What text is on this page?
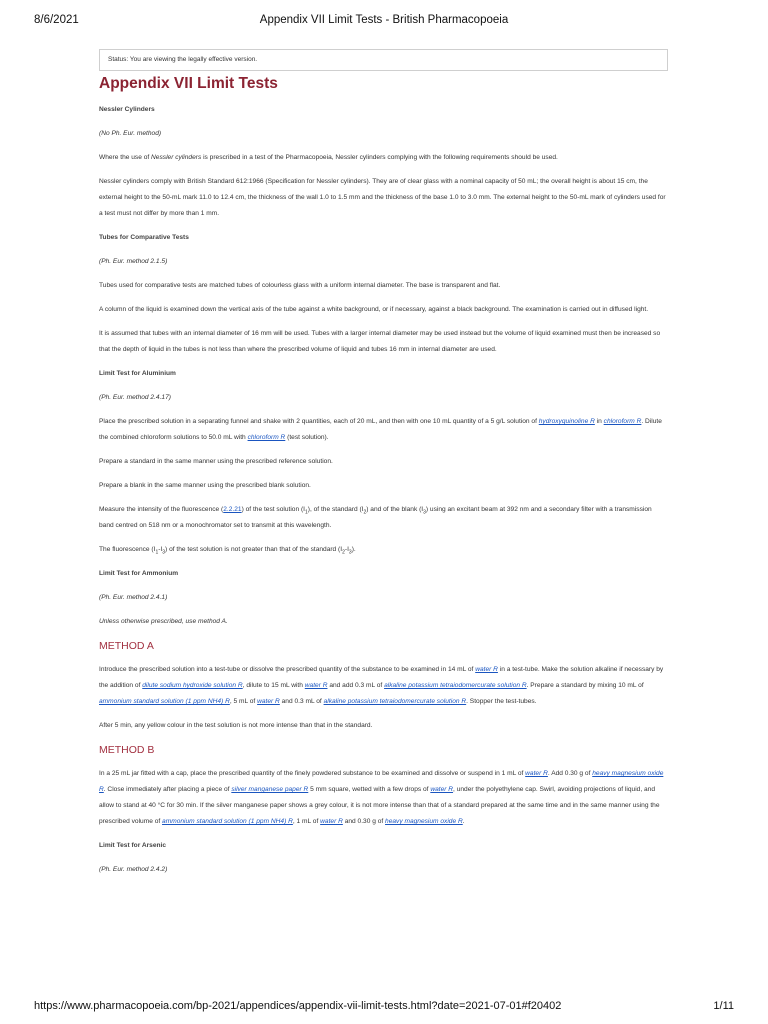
8/6/2021	Appendix VII Limit Tests - British Pharmacopoeia
Status: You are viewing the legally effective version.
Appendix VII Limit Tests

Nessler Cylinders

(No Ph. Eur. method)

Where the use of Nessler cylinders is prescribed in a test of the Pharmacopoeia, Nessler cylinders complying with the following requirements should be used.

Nessler cylinders comply with British Standard 612:1966 (Specification for Nessler cylinders). They are of clear glass with a nominal capacity of 50 mL; the overall height is about 15 cm, the external height to the 50-mL mark 11.0 to 12.4 cm, the thickness of the wall 1.0 to 1.5 mm and the thickness of the base 1.0 to 3.0 mm. The external height to the 50-mL mark of cylinders used for a test must not differ by more than 1 mm.

Tubes for Comparative Tests

(Ph. Eur. method 2.1.5)

Tubes used for comparative tests are matched tubes of colourless glass with a uniform internal diameter. The base is transparent and flat.

A column of the liquid is examined down the vertical axis of the tube against a white background, or if necessary, against a black background. The examination is carried out in diffused light.

It is assumed that tubes with an internal diameter of 16 mm will be used. Tubes with a larger internal diameter may be used instead but the volume of liquid examined must then be increased so that the depth of liquid in the tubes is not less than where the prescribed volume of liquid and tubes 16 mm in internal diameter are used.

Limit Test for Aluminium

(Ph. Eur. method 2.4.17)

Place the prescribed solution in a separating funnel and shake with 2 quantities, each of 20 mL, and then with one 10 mL quantity of a 5 g/L solution of hydroxyquinoline R in chloroform R. Dilute the combined chloroform solutions to 50.0 mL with chloroform R (test solution).

Prepare a standard in the same manner using the prescribed reference solution.

Prepare a blank in the same manner using the prescribed blank solution.

Measure the intensity of the fluorescence (2.2.21) of the test solution $(I_1)$, of the standard $(I_2)$ and of the blank $(I_3)$ using an excitant beam at 392 nm and a secondary filter with a transmission band centred on 518 nm or a monochromator set to transmit at this wavelength.

The fluorescence $(I_1-I_3)$ of the test solution is not greater than that of the standard $(I_2-I_3)$.

Limit Test for Ammonium

(Ph. Eur. method 2.4.1)

Unless otherwise prescribed, use method A.

METHOD A

Introduce the prescribed solution into a test-tube or dissolve the prescribed quantity of the substance to be examined in 14 mL of water R in a test-tube. Make the solution alkaline if necessary by the addition of dilute sodium hydroxide solution R, dilute to 15 mL with water R and add 0.3 mL of alkaline potassium tetraiodomercurate solution R. Prepare a standard by mixing 10 mL of ammonium standard solution (1 ppm NH4) R, 5 mL of water R and 0.3 mL of alkaline potassium tetraiodomercurate solution R. Stopper the test-tubes.

After 5 min, any yellow colour in the test solution is not more intense than that in the standard.

METHOD B

In a 25 mL jar fitted with a cap, place the prescribed quantity of the finely powdered substance to be examined and dissolve or suspend in 1 mL of water R. Add 0.30 g of heavy magnesium oxide R. Close immediately after placing a piece of silver manganese paper R 5 mm square, wetted with a few drops of water R, under the polyethylene cap. Swirl, avoiding projections of liquid, and allow to stand at 40 °C for 30 min. If the silver manganese paper shows a grey colour, it is not more intense than that of a standard prepared at the same time and in the same manner using the prescribed volume of ammonium standard solution (1 ppm NH4) R, 1 mL of water R and 0.30 g of heavy magnesium oxide R.

Limit Test for Arsenic

(Ph. Eur. method 2.4.2)

https://www.pharmacopoeia.com/bp-2021/appendices/appendix-vii-limit-tests.html?date=2021-07-01#f20402	1/11
